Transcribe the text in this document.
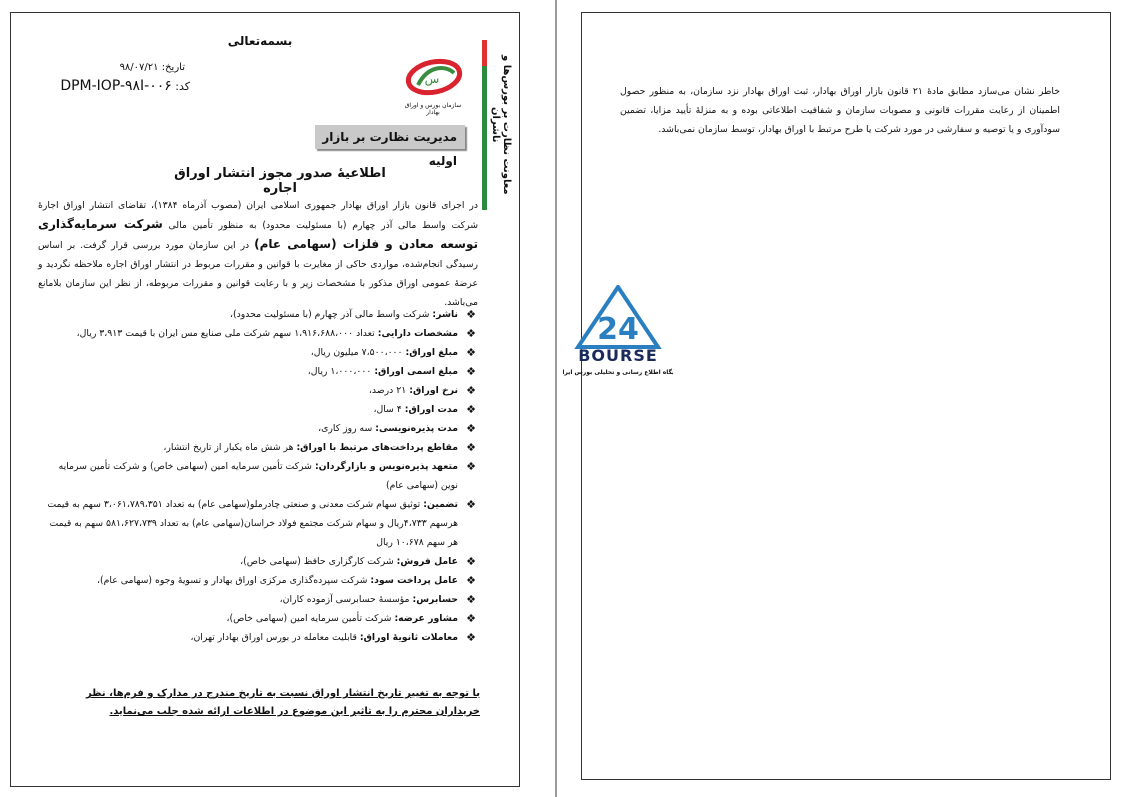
بسمه‌تعالی
تاریخ: ۹۸/۰۷/۲۱
کد: DPM-IOP-۹۸I-۰۰۶	س
سازمان بورس و اوراق بهادار	معاونت نظارت بر بورس‌ها و ناشران
مدیریت نظارت بر بازار اولیه
اطلاعیهٔ صدور مجوز انتشار اوراق اجاره
در اجرای قانون بازار اوراق بهادار جمهوری اسلامی ایران (مصوب آذرماه ۱۳۸۴)، تقاضای انتشار اوراق اجارهٔ شرکت واسط مالی آذر چهارم (با مسئولیت محدود) به منظور تأمین مالی شرکت سرمایه‌گذاری توسعه معادن و فلزات (سهامی عام) در این سازمان مورد بررسی قرار گرفت. بر اساس رسیدگی انجام‌شده، مواردی حاکی از مغایرت با قوانین و مقررات مربوط در انتشار اوراق اجاره ملاحظه نگردید و عرضهٔ عمومی اوراق مذکور با مشخصات زیر و با رعایت قوانین و مقررات مربوطه، از نظر این سازمان بلامانع می‌باشد.
❖
ناشر: شرکت واسط مالی آذر چهارم (با مسئولیت محدود)،
❖
مشخصات دارایی: تعداد ۱،۹۱۶،۶۸۸،۰۰۰ سهم شرکت ملی صنایع مس ایران با قیمت ۳،۹۱۳ ریال،
❖
مبلغ اوراق: ۷،۵۰۰،۰۰۰ میلیون ریال،
❖
مبلغ اسمی اوراق: ۱،۰۰۰،۰۰۰ ریال،
❖
نرخ اوراق: ۲۱ درصد،
❖
مدت اوراق: ۴ سال،
❖
مدت پذیره‌نویسی: سه روز کاری،
❖
مقاطع پرداخت‌های مرتبط با اوراق: هر شش ماه یکبار از تاریخ انتشار،
❖
متعهد پذیره‌نویس و بازارگردان: شرکت تأمین سرمایه امین (سهامی خاص) و شرکت تأمین سرمایه نوین (سهامی عام)
❖
تضمین: توثیق سهام شرکت معدنی و صنعتی چادرملو(سهامی عام) به تعداد ۳،۰۶۱،۷۸۹،۳۵۱ سهم به قیمت هرسهم ۴،۷۳۳ریال و سهام شرکت مجتمع فولاد خراسان(سهامی عام) به تعداد ۵۸۱،۶۲۷،۷۳۹ سهم به قیمت هر سهم ۱۰،۶۷۸ ریال
❖
عامل فروش: شرکت کارگزاری حافظ (سهامی خاص)،
❖
عامل پرداخت سود: شرکت سپرده‌گذاری مرکزی اوراق بهادار و تسویهٔ وجوه (سهامی عام)،
❖
حسابرس: مؤسسهٔ حسابرسی آزموده کاران،
❖
مشاور عرضه: شرکت تأمین سرمایه امین (سهامی خاص)،
❖
معاملات ثانویهٔ اوراق: قابلیت معامله در بورس اوراق بهادار تهران،
با توجه به تغییر تاریخ انتشار اوراق نسبت به تاریخ مندرج در مدارک و فرم‌ها، نظر خریداران محترم را به تاثیر این موضوع در اطلاعات ارائه شده جلب می‌نماید.
24
BOURSE
پایگاه اطلاع رسانی و تحلیلی بورس ایران
خاطر نشان می‌سازد مطابق مادهٔ ۲۱ قانون بازار اوراق بهادار، ثبت اوراق بهادار نزد سازمان، به منظور حصول اطمینان از رعایت مقررات قانونی و مصوبات سازمان و شفافیت اطلاعاتی بوده و به منزلهٔ تأیید مزایا، تضمین سودآوری و یا توصیه و سفارشی در مورد شرکت یا طرح مرتبط با اوراق بهادار، توسط سازمان نمی‌باشد.
